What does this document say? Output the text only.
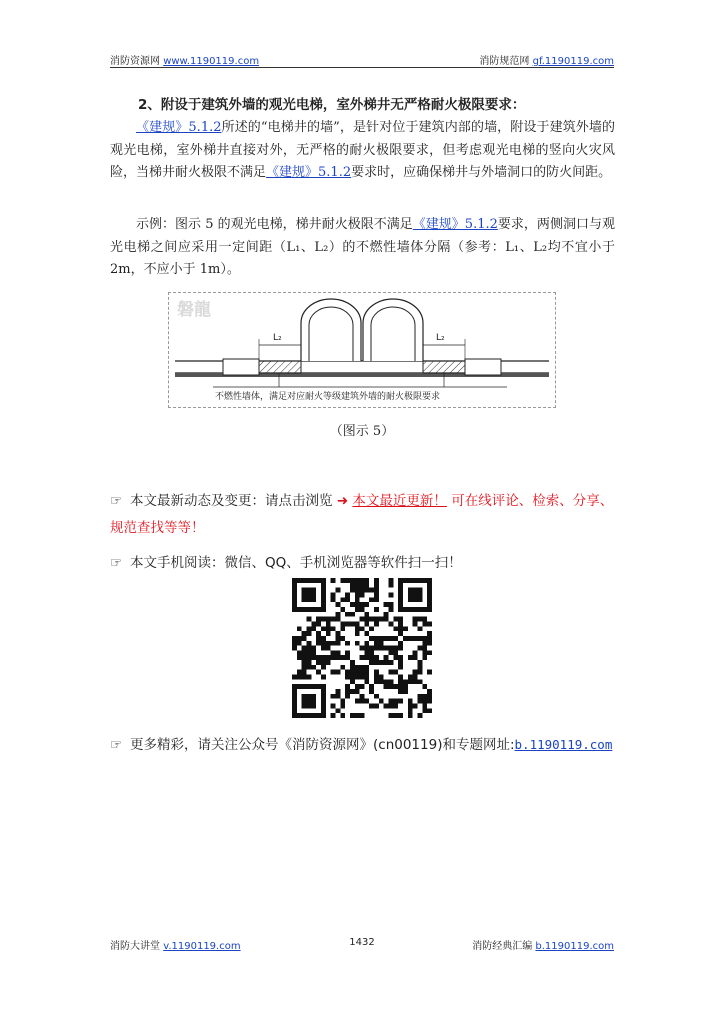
消防资源网 www.1190119.com	消防规范网 gf.1190119.com
2、附设于建筑外墙的观光电梯，室外梯井无严格耐火极限要求：
《建规》5.1.2所述的“电梯井的墙”，是针对位于建筑内部的墙，附设于建筑外墙的观光电梯，室外梯井直接对外，无严格的耐火极限要求，但考虑观光电梯的竖向火灾风险，当梯井耐火极限不满足《建规》5.1.2要求时，应确保梯井与外墙洞口的防火间距。
示例：图示 5 的观光电梯，梯井耐火极限不满足《建规》5.1.2要求，两侧洞口与观光电梯之间应采用一定间距（L₁、L₂）的不燃性墙体分隔（参考：L₁、L₂均不宜小于 2m，不应小于 1m）。
磐龍
L₂	L₂
不燃性墙体，满足对应耐火等级建筑外墙的耐火极限要求
（图示 5）
☞ 本文最新动态及变更：请点击浏览 ➜ 本文最近更新！ 可在线评论、检索、分享、规范查找等等！
☞ 本文手机阅读：微信、QQ、手机浏览器等软件扫一扫！
☞ 更多精彩，请关注公众号《消防资源网》(cn00119)和专题网址:b.1190119.com
消防大讲堂 v.1190119.com	1432	消防经典汇编 b.1190119.com
